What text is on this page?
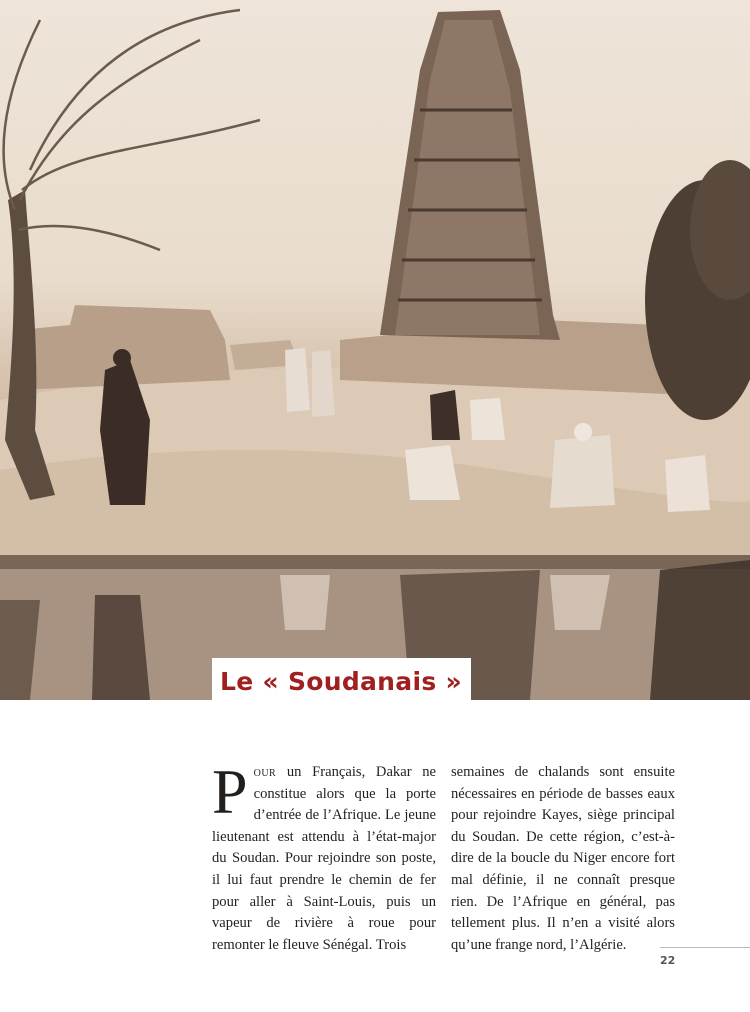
Le « Soudanais »

Pour un Français, Dakar ne constitue alors que la porte d’entrée de l’Afrique. Le jeune lieutenant est attendu à l’état-major du Soudan. Pour rejoindre son poste, il lui faut prendre le chemin de fer pour aller à Saint-Louis, puis un vapeur de rivière à roue pour remonter le fleuve Sénégal. Trois

semaines de chalands sont ensuite nécessaires en période de basses eaux pour rejoindre Kayes, siège principal du Soudan. De cette région, c’est-à-dire de la boucle du Niger encore fort mal définie, il ne connaît presque rien. De l’Afrique en général, pas tellement plus. Il n’en a visité alors qu’une frange nord, l’Algérie.

22
